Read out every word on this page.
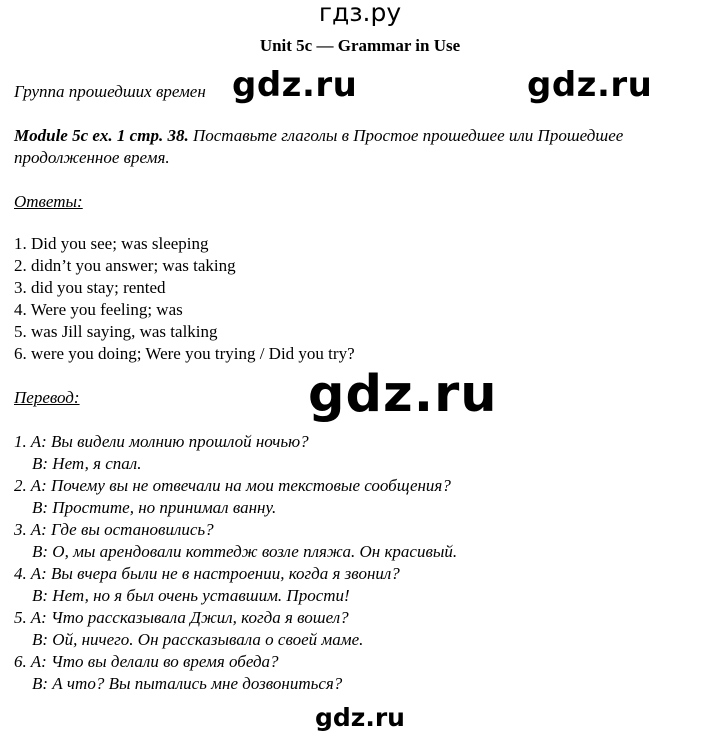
гдз.ру
Unit 5c — Grammar in Use
Группа прошедших времен gdz.ru	gdz.ru
Module 5c ex. 1 стр. 38. Поставьте глаголы в Простое прошедшее или Прошедшее
продолженное время.
Ответы:
1. Did you see; was sleeping
2. didn’t you answer; was taking
3. did you stay; rented
4. Were you feeling; was
5. was Jill saying, was talking
6. were you doing; Were you trying / Did you try?
Перевод:	gdz.ru
1. A: Вы видели молнию прошлой ночью?
B: Нет, я спал.
2. A: Почему вы не отвечали на мои текстовые сообщения?
B: Простите, но принимал ванну.
3. A: Где вы остановились?
B: О, мы арендовали коттедж возле пляжа. Он красивый.
4. A: Вы вчера были не в настроении, когда я звонил?
B: Нет, но я был очень уставшим. Прости!
5. A: Что рассказывала Джил, когда я вошел?
B: Ой, ничего. Он рассказывала о своей маме.
6. A: Что вы делали во время обеда?
B: А что? Вы пытались мне дозвониться?
gdz.ru
